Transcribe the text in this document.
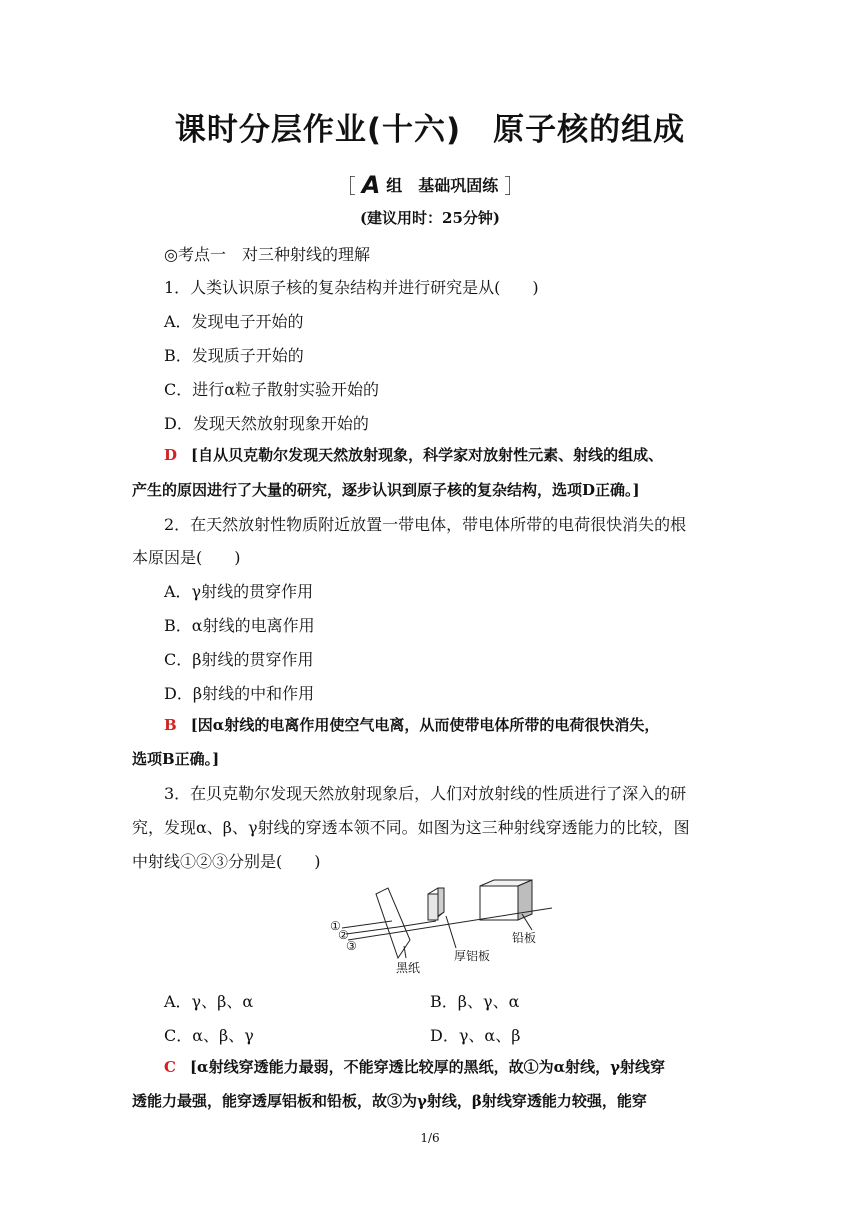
课时分层作业(十六)　原子核的组成
［ A 组　基础巩固练 ］
(建议用时：25分钟)
◎考点一　对三种射线的理解
1．人类认识原子核的复杂结构并进行研究是从(　　)
A．发现电子开始的
B．发现质子开始的
C．进行α粒子散射实验开始的
D．发现天然放射现象开始的
D [自从贝克勒尔发现天然放射现象，科学家对放射性元素、射线的组成、
产生的原因进行了大量的研究，逐步认识到原子核的复杂结构，选项D正确。]
2．在天然放射性物质附近放置一带电体，带电体所带的电荷很快消失的根
本原因是(　　)
A．γ射线的贯穿作用
B．α射线的电离作用
C．β射线的贯穿作用
D．β射线的中和作用
B [因α射线的电离作用使空气电离，从而使带电体所带的电荷很快消失，
选项B正确。]
3．在贝克勒尔发现天然放射现象后，人们对放射线的性质进行了深入的研
究，发现α、β、γ射线的穿透本领不同。如图为这三种射线穿透能力的比较，图
中射线①②③分别是(　　)
①
②
③
黑纸
厚铝板
铅板
A．γ、β、α	B．β、γ、α
C．α、β、γ	D．γ、α、β
C [α射线穿透能力最弱，不能穿透比较厚的黑纸，故①为α射线，γ射线穿
透能力最强，能穿透厚铝板和铅板，故③为γ射线，β射线穿透能力较强，能穿
1/6
